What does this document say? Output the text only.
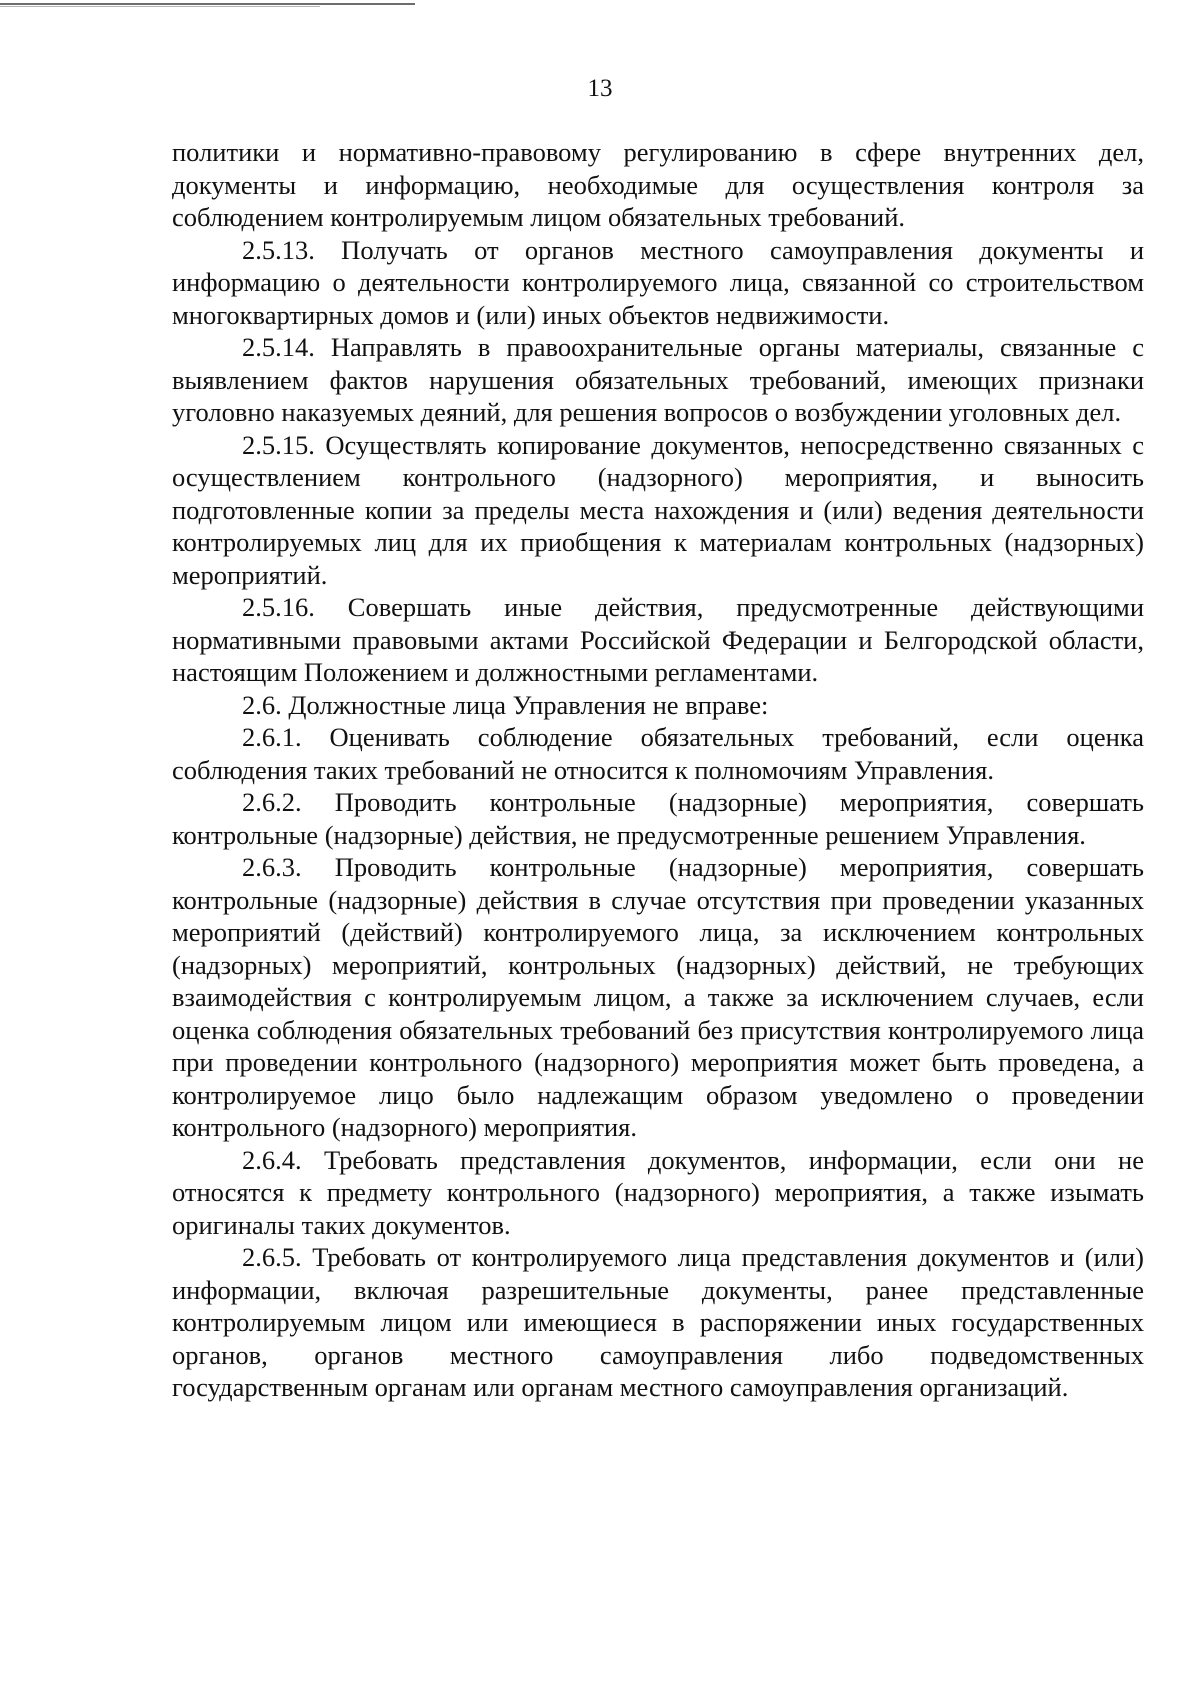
13

политики и нормативно-правовому регулированию в сфере внутренних дел, документы и информацию, необходимые для осуществления контроля за соблюдением контролируемым лицом обязательных требований.

2.5.13. Получать от органов местного самоуправления документы и информацию о деятельности контролируемого лица, связанной со строительством многоквартирных домов и (или) иных объектов недвижимости.

2.5.14. Направлять в правоохранительные органы материалы, связанные с выявлением фактов нарушения обязательных требований, имеющих признаки уголовно наказуемых деяний, для решения вопросов о возбуждении уголовных дел.

2.5.15. Осуществлять копирование документов, непосредственно связанных с осуществлением контрольного (надзорного) мероприятия, и выносить подготовленные копии за пределы места нахождения и (или) ведения деятельности контролируемых лиц для их приобщения к материалам контрольных (надзорных) мероприятий.

2.5.16. Совершать иные действия, предусмотренные действующими нормативными правовыми актами Российской Федерации и Белгородской области, настоящим Положением и должностными регламентами.

2.6. Должностные лица Управления не вправе:

2.6.1. Оценивать соблюдение обязательных требований, если оценка соблюдения таких требований не относится к полномочиям Управления.

2.6.2. Проводить контрольные (надзорные) мероприятия, совершать контрольные (надзорные) действия, не предусмотренные решением Управления.

2.6.3. Проводить контрольные (надзорные) мероприятия, совершать контрольные (надзорные) действия в случае отсутствия при проведении указанных мероприятий (действий) контролируемого лица, за исключением контрольных (надзорных) мероприятий, контрольных (надзорных) действий, не требующих взаимодействия с контролируемым лицом, а также за исключением случаев, если оценка соблюдения обязательных требований без присутствия контролируемого лица при проведении контрольного (надзорного) мероприятия может быть проведена, а контролируемое лицо было надлежащим образом уведомлено о проведении контрольного (надзорного) мероприятия.

2.6.4. Требовать представления документов, информации, если они не относятся к предмету контрольного (надзорного) мероприятия, а также изымать оригиналы таких документов.

2.6.5. Требовать от контролируемого лица представления документов и (или) информации, включая разрешительные документы, ранее представленные контролируемым лицом или имеющиеся в распоряжении иных государственных органов, органов местного самоуправления либо подведомственных государственным органам или органам местного самоуправления организаций.
